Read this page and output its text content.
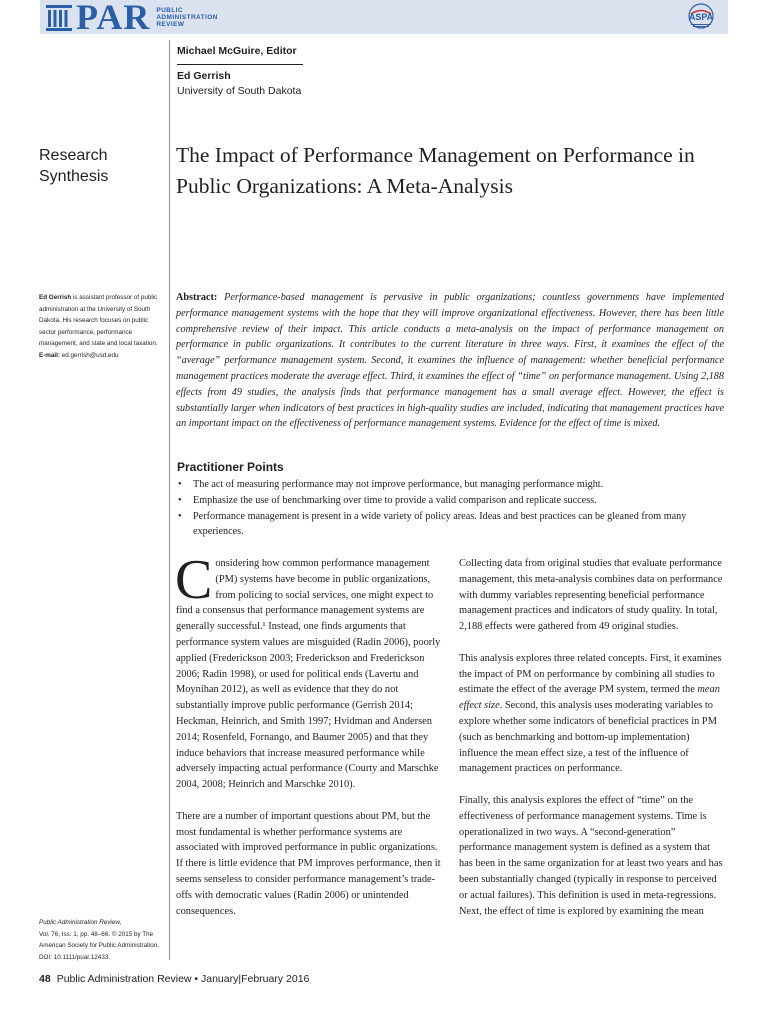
PAR PUBLIC
ADMINISTRATION
REVIEW
ASPA
Michael McGuire, Editor
Ed Gerrish
University of South Dakota
Research Synthesis
The Impact of Performance Management on Performance in Public Organizations: A Meta-Analysis
Ed Gerrish is assistant professor of public administration at the University of South Dakota. His research focuses on public sector performance, performance management, and state and local taxation.
E-mail: ed.gerrish@usd.edu
Abstract: Performance-based management is pervasive in public organizations; countless governments have implemented performance management systems with the hope that they will improve organizational effectiveness. However, there has been little comprehensive review of their impact. This article conducts a meta-analysis on the impact of performance management on performance in public organizations. It contributes to the current literature in three ways. First, it examines the effect of the “average” performance management system. Second, it examines the influence of management: whether beneficial performance management practices moderate the average effect. Third, it examines the effect of “time” on performance management. Using 2,188 effects from 49 studies, the analysis finds that performance management has a small average effect. However, the effect is substantially larger when indicators of best practices in high-quality studies are included, indicating that management practices have an important impact on the effectiveness of performance management systems. Evidence for the effect of time is mixed.
Practitioner Points
• The act of measuring performance may not improve performance, but managing performance might.
• Emphasize the use of benchmarking over time to provide a valid comparison and replicate success.
• Performance management is present in a wide variety of policy areas. Ideas and best practices can be gleaned from many experiences.

Considering how common performance management (PM) systems have become in public organizations, from policing to social services, one might expect to find a consensus that performance management systems are generally successful.¹ Instead, one finds arguments that performance system values are misguided (Radin 2006), poorly applied (Frederickson 2003; Frederickson and Frederickson 2006; Radin 1998), or used for political ends (Lavertu and Moynihan 2012), as well as evidence that they do not substantially improve public performance (Gerrish 2014; Heckman, Heinrich, and Smith 1997; Hvidman and Andersen 2014; Rosenfeld, Fornango, and Baumer 2005) and that they induce behaviors that increase measured performance while adversely impacting actual performance (Courty and Marschke 2004, 2008; Heinrich and Marschke 2010).

There are a number of important questions about PM, but the most fundamental is whether performance systems are associated with improved performance in public organizations. If there is little evidence that PM improves performance, then it seems senseless to consider performance management’s trade-offs with democratic values (Radin 2006) or unintended consequences.

Collecting data from original studies that evaluate performance management, this meta-analysis combines data on performance with dummy variables representing beneficial performance management practices and indicators of study quality. In total, 2,188 effects were gathered from 49 original studies.

This analysis explores three related concepts. First, it examines the impact of PM on performance by combining all studies to estimate the effect of the average PM system, termed the mean effect size. Second, this analysis uses moderating variables to explore whether some indicators of beneficial practices in PM (such as benchmarking and bottom-up implementation) influence the mean effect size, a test of the influence of management practices on performance.

Finally, this analysis explores the effect of “time” on the effectiveness of performance management systems. Time is operationalized in two ways. A “second-generation” performance management system is defined as a system that has been in the same organization for at least two years and has been substantially changed (typically in response to perceived or actual failures). This definition is used in meta-regressions. Next, the effect of time is explored by examining the mean

Public Administration Review,
Vol. 76, Iss. 1, pp. 48–66. © 2015 by The American Society for Public Administration. DOI: 10.1111/puar.12433.
48 Public Administration Review • January|February 2016
